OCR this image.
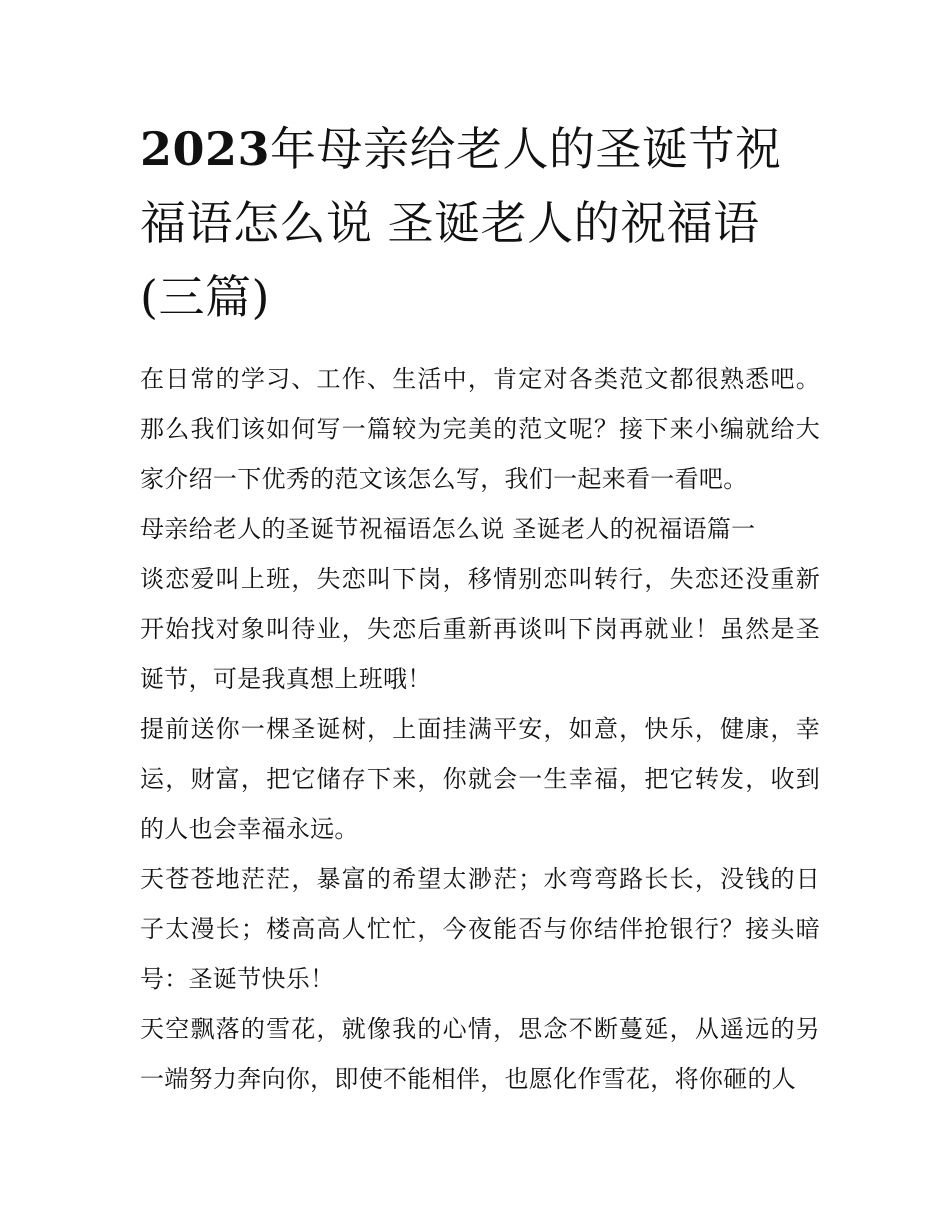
2023年母亲给老人的圣诞节祝福语怎么说 圣诞老人的祝福语(三篇)

在日常的学习、工作、生活中，肯定对各类范文都很熟悉吧。那么我们该如何写一篇较为完美的范文呢？接下来小编就给大家介绍一下优秀的范文该怎么写，我们一起来看一看吧。

母亲给老人的圣诞节祝福语怎么说 圣诞老人的祝福语篇一

谈恋爱叫上班，失恋叫下岗，移情别恋叫转行，失恋还没重新开始找对象叫待业，失恋后重新再谈叫下岗再就业！虽然是圣诞节，可是我真想上班哦！

提前送你一棵圣诞树，上面挂满平安，如意，快乐，健康，幸运，财富，把它储存下来，你就会一生幸福，把它转发，收到的人也会幸福永远。

天苍苍地茫茫，暴富的希望太渺茫；水弯弯路长长，没钱的日子太漫长；楼高高人忙忙，今夜能否与你结伴抢银行？接头暗号：圣诞节快乐！

天空飘落的雪花，就像我的心情，思念不断蔓延，从遥远的另一端努力奔向你，即使不能相伴，也愿化作雪花，将你砸的人
